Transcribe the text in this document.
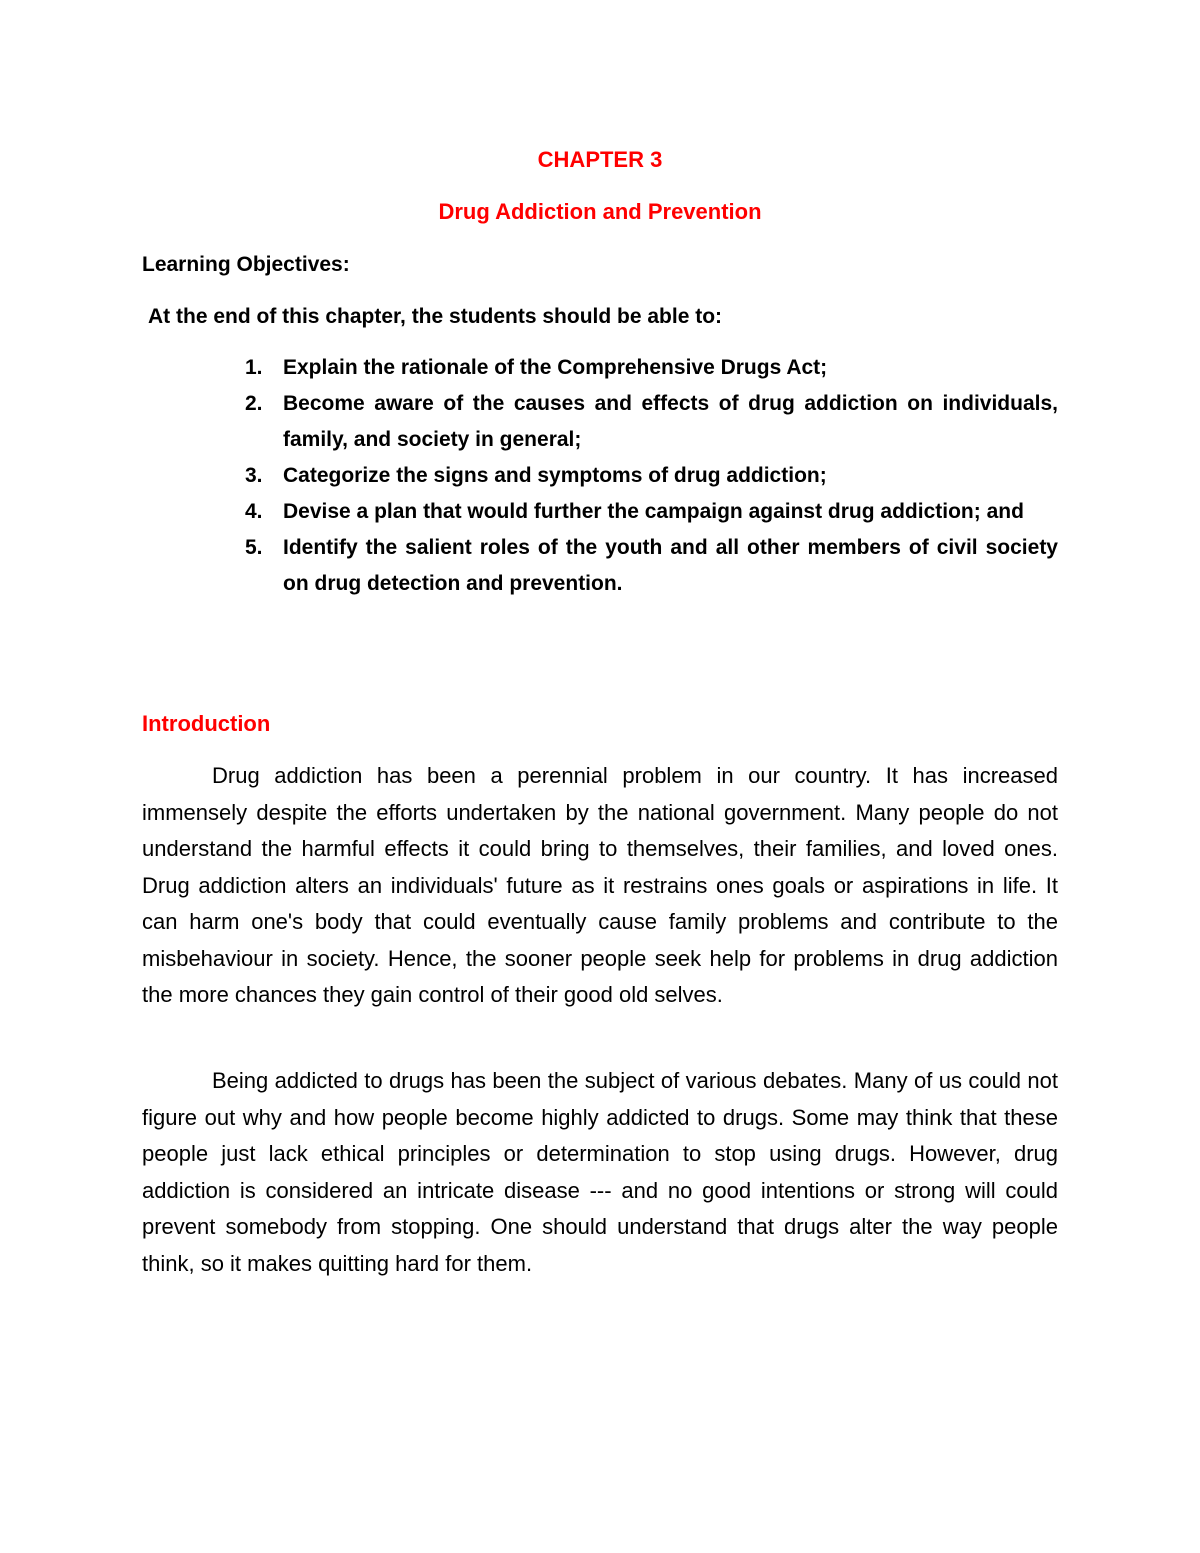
CHAPTER 3
Drug Addiction and Prevention
Learning Objectives:
At the end of this chapter, the students should be able to:
1. Explain the rationale of the Comprehensive Drugs Act;
2. Become aware of the causes and effects of drug addiction on individuals, family, and society in general;
3. Categorize the signs and symptoms of drug addiction;
4. Devise a plan that would further the campaign against drug addiction; and
5. Identify the salient roles of the youth and all other members of civil society on drug detection and prevention.
Introduction

Drug addiction has been a perennial problem in our country. It has increased immensely despite the efforts undertaken by the national government. Many people do not understand the harmful effects it could bring to themselves, their families, and loved ones. Drug addiction alters an individuals' future as it restrains ones goals or aspirations in life. It can harm one's body that could eventually cause family problems and contribute to the misbehaviour in society. Hence, the sooner people seek help for problems in drug addiction the more chances they gain control of their good old selves.

Being addicted to drugs has been the subject of various debates. Many of us could not figure out why and how people become highly addicted to drugs. Some may think that these people just lack ethical principles or determination to stop using drugs. However, drug addiction is considered an intricate disease --- and no good intentions or strong will could prevent somebody from stopping. One should understand that drugs alter the way people think, so it makes quitting hard for them.
